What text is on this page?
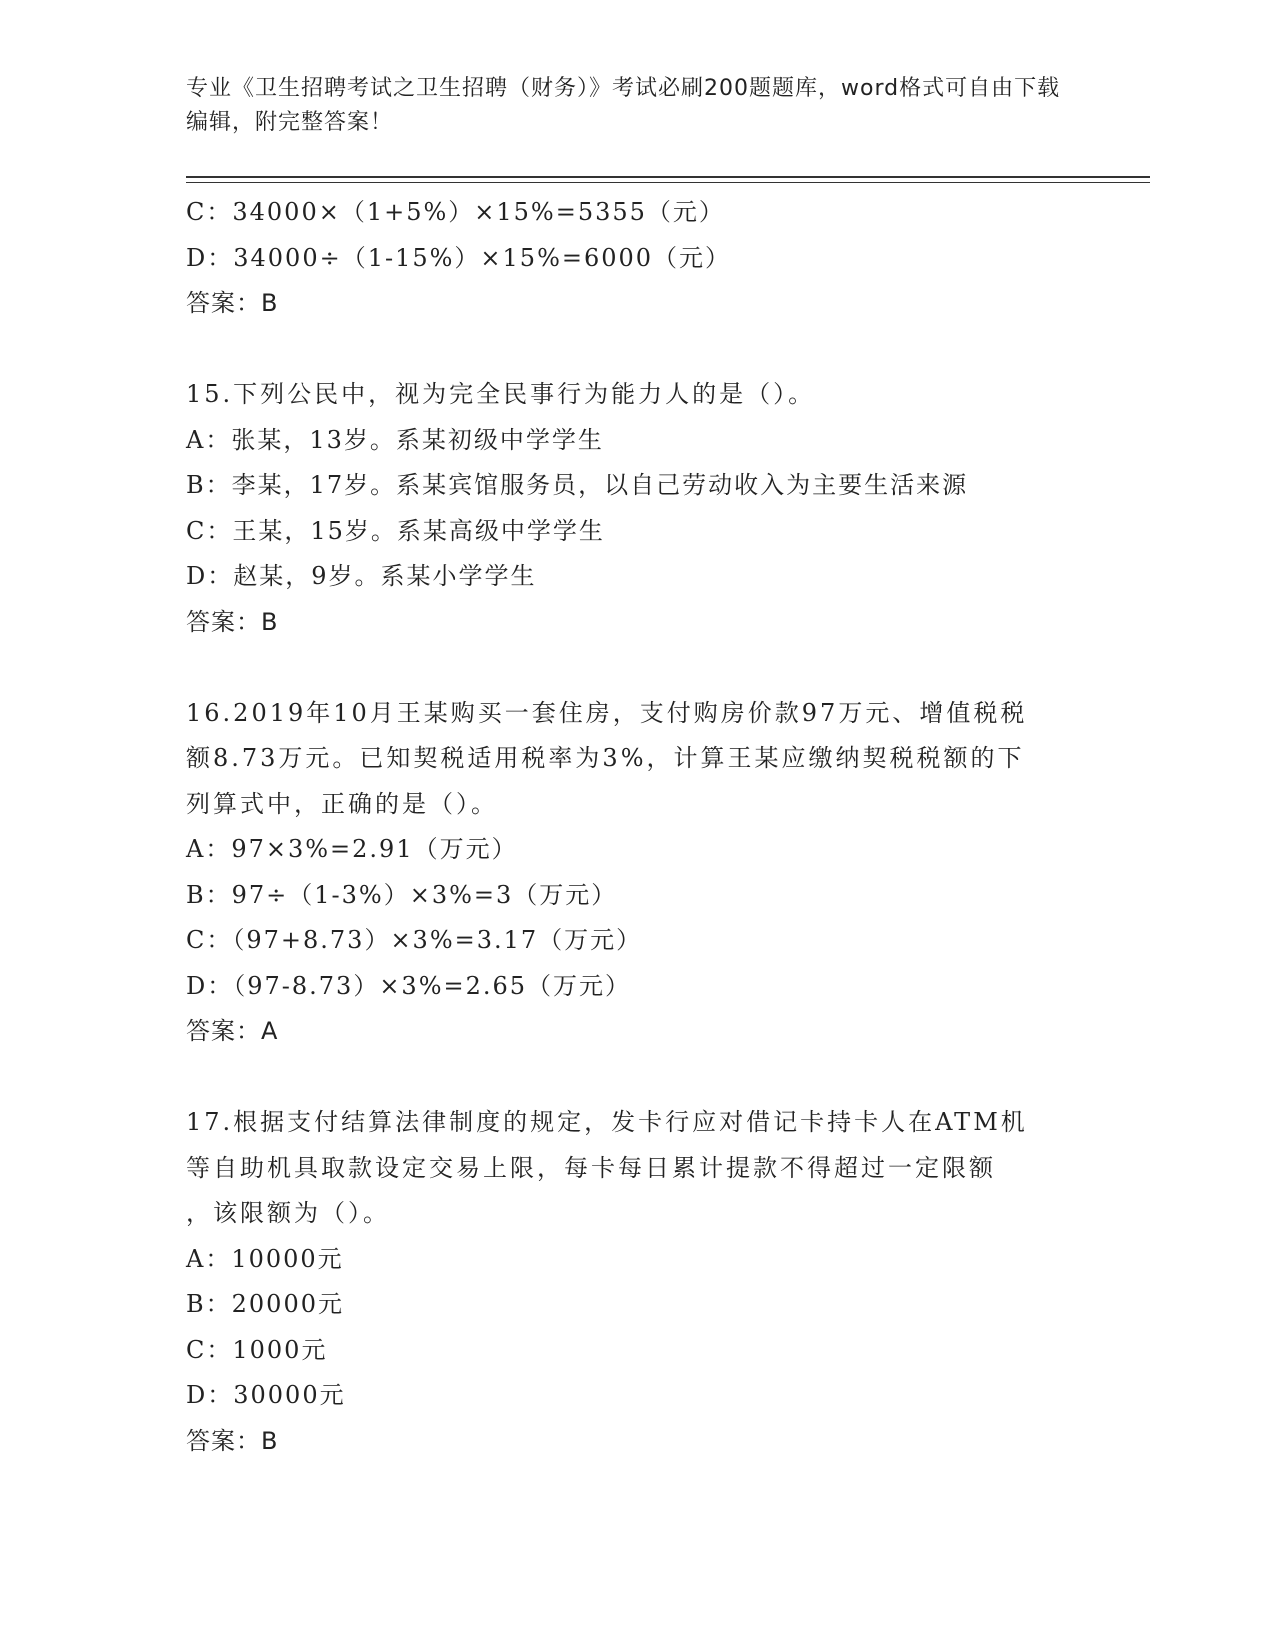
专业《卫生招聘考试之卫生招聘（财务）》考试必刷200题题库，word格式可自由下载编辑，附完整答案！
C：34000×（1+5%）×15%=5355（元）
D：34000÷（1-15%）×15%=6000（元）
答案：B
15.下列公民中，视为完全民事行为能力人的是（）。
A：张某，13岁。系某初级中学学生
B：李某，17岁。系某宾馆服务员，以自己劳动收入为主要生活来源
C：王某，15岁。系某高级中学学生
D：赵某，9岁。系某小学学生
答案：B
16.2019年10月王某购买一套住房，支付购房价款97万元、增值税税
额8.73万元。已知契税适用税率为3%，计算王某应缴纳契税税额的下
列算式中，正确的是（）。
A：97×3%=2.91（万元）
B：97÷（1-3%）×3%=3（万元）
C：（97+8.73）×3%=3.17（万元）
D：（97-8.73）×3%=2.65（万元）
答案：A
17.根据支付结算法律制度的规定，发卡行应对借记卡持卡人在ATM机
等自助机具取款设定交易上限，每卡每日累计提款不得超过一定限额
，该限额为（）。
A：10000元
B：20000元
C：1000元
D：30000元
答案：B
